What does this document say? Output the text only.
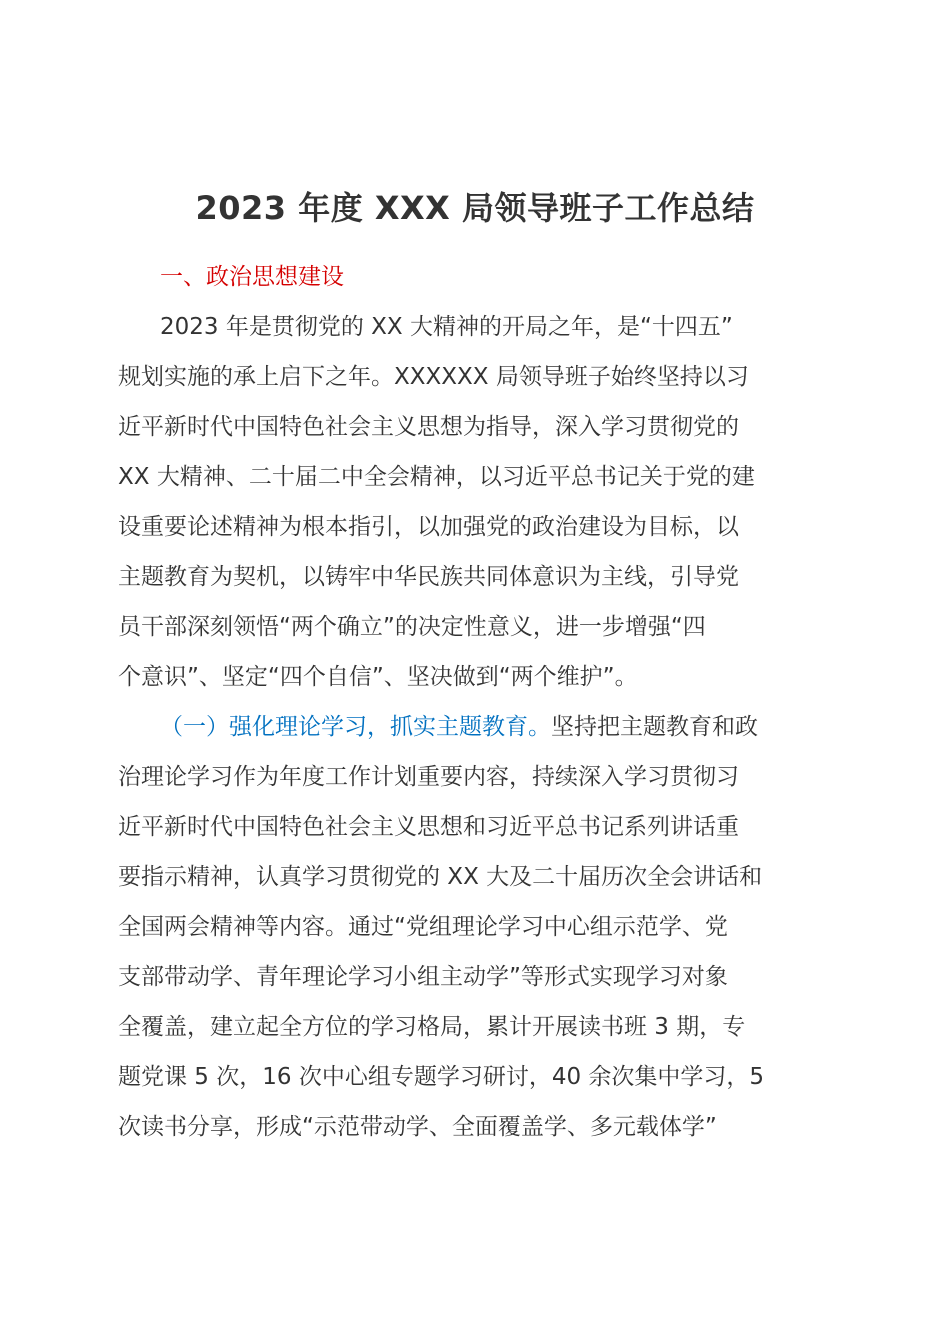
2023 年度 XXX 局领导班子工作总结

一、政治思想建设

2023 年是贯彻党的 XX 大精神的开局之年，是“十四五”
规划实施的承上启下之年。XXXXXX 局领导班子始终坚持以习
近平新时代中国特色社会主义思想为指导，深入学习贯彻党的
XX 大精神、二十届二中全会精神，以习近平总书记关于党的建
设重要论述精神为根本指引，以加强党的政治建设为目标，以
主题教育为契机，以铸牢中华民族共同体意识为主线，引导党
员干部深刻领悟“两个确立”的决定性意义，进一步增强“四
个意识”、坚定“四个自信”、坚决做到“两个维护”。
（一）强化理论学习，抓实主题教育。坚持把主题教育和政
治理论学习作为年度工作计划重要内容，持续深入学习贯彻习
近平新时代中国特色社会主义思想和习近平总书记系列讲话重
要指示精神，认真学习贯彻党的 XX 大及二十届历次全会讲话和
全国两会精神等内容。通过“党组理论学习中心组示范学、党
支部带动学、青年理论学习小组主动学”等形式实现学习对象
全覆盖，建立起全方位的学习格局，累计开展读书班 3 期，专
题党课 5 次，16 次中心组专题学习研讨，40 余次集中学习，5
次读书分享，形成“示范带动学、全面覆盖学、多元载体学”
